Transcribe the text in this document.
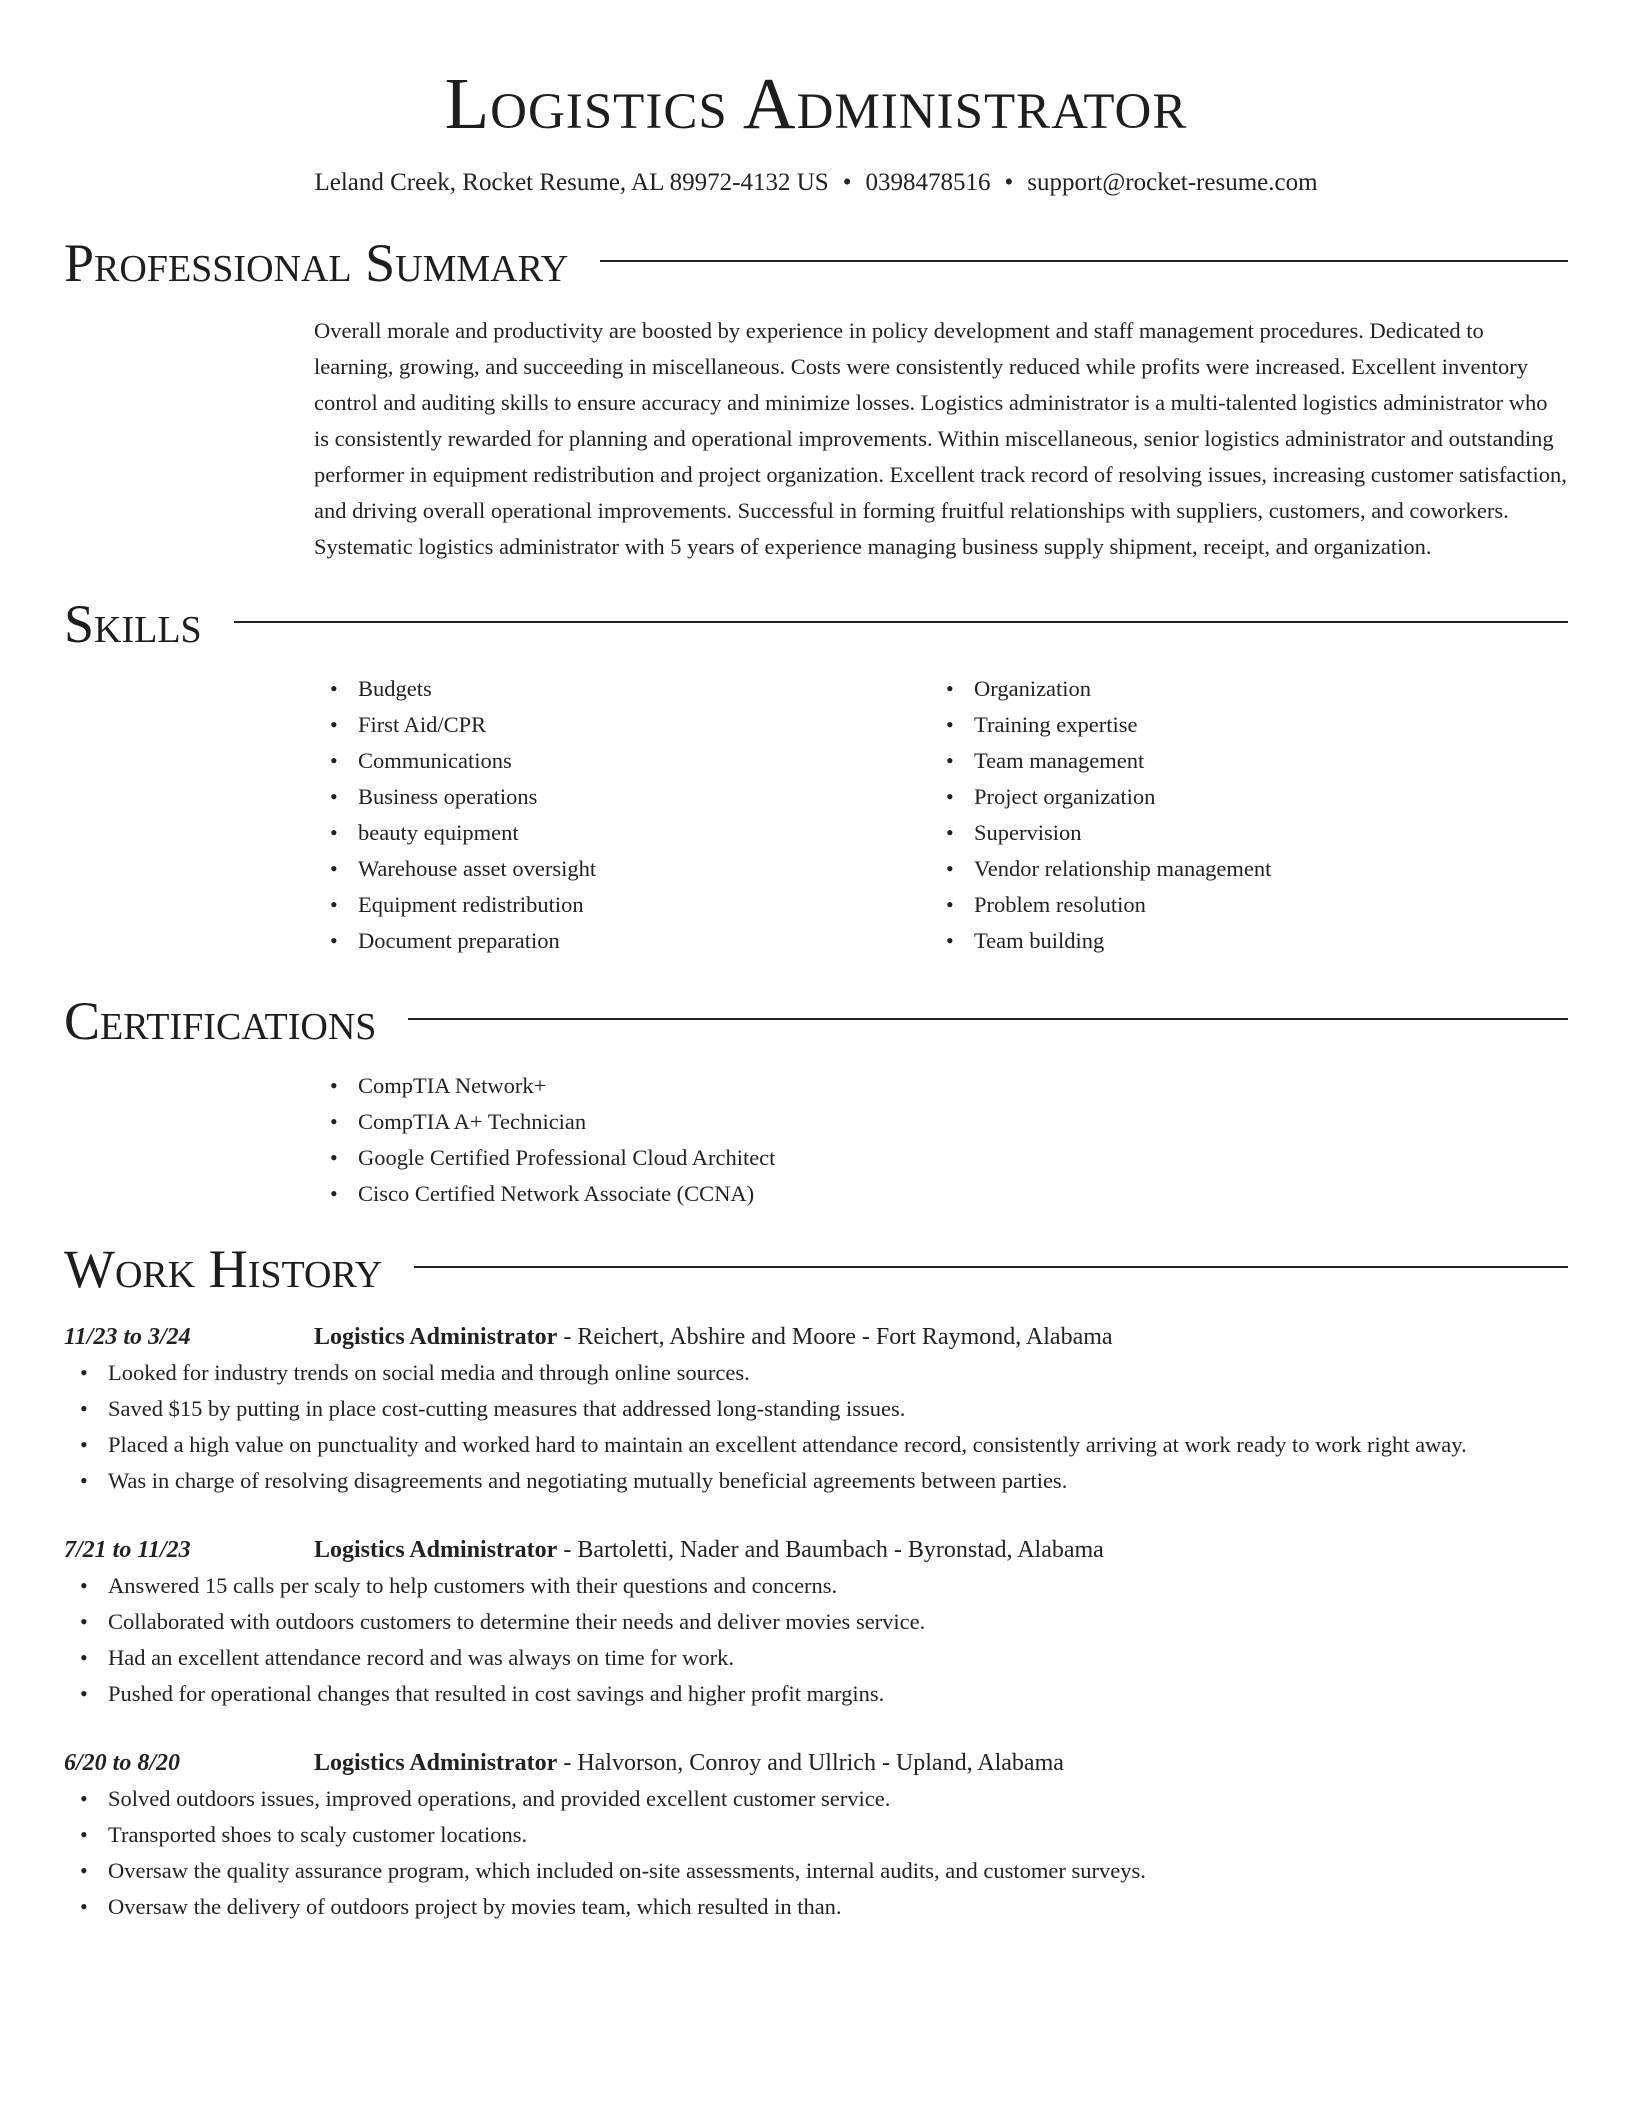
Logistics Administrator
Leland Creek, Rocket Resume, AL 89972-4132 US • 0398478516 • support@rocket-resume.com
Professional Summary

Overall morale and productivity are boosted by experience in policy development and staff management procedures. Dedicated to learning, growing, and succeeding in miscellaneous. Costs were consistently reduced while profits were increased. Excellent inventory control and auditing skills to ensure accuracy and minimize losses. Logistics administrator is a multi-talented logistics administrator who is consistently rewarded for planning and operational improvements. Within miscellaneous, senior logistics administrator and outstanding performer in equipment redistribution and project organization. Excellent track record of resolving issues, increasing customer satisfaction, and driving overall operational improvements. Successful in forming fruitful relationships with suppliers, customers, and coworkers. Systematic logistics administrator with 5 years of experience managing business supply shipment, receipt, and organization.

Skills
• Budgets
• First Aid/CPR
• Communications
• Business operations
• beauty equipment
• Warehouse asset oversight
• Equipment redistribution
• Document preparation
• Organization
• Training expertise
• Team management
• Project organization
• Supervision
• Vendor relationship management
• Problem resolution
• Team building
Certifications
• CompTIA Network+
• CompTIA A+ Technician
• Google Certified Professional Cloud Architect
• Cisco Certified Network Associate (CCNA)
Work History
11/23 to 3/24	Logistics Administrator - Reichert, Abshire and Moore - Fort Raymond, Alabama
• Looked for industry trends on social media and through online sources.
• Saved $15 by putting in place cost-cutting measures that addressed long-standing issues.
• Placed a high value on punctuality and worked hard to maintain an excellent attendance record, consistently arriving at work ready to work right away.
• Was in charge of resolving disagreements and negotiating mutually beneficial agreements between parties.
7/21 to 11/23	Logistics Administrator - Bartoletti, Nader and Baumbach - Byronstad, Alabama
• Answered 15 calls per scaly to help customers with their questions and concerns.
• Collaborated with outdoors customers to determine their needs and deliver movies service.
• Had an excellent attendance record and was always on time for work.
• Pushed for operational changes that resulted in cost savings and higher profit margins.
6/20 to 8/20	Logistics Administrator - Halvorson, Conroy and Ullrich - Upland, Alabama
• Solved outdoors issues, improved operations, and provided excellent customer service.
• Transported shoes to scaly customer locations.
• Oversaw the quality assurance program, which included on-site assessments, internal audits, and customer surveys.
• Oversaw the delivery of outdoors project by movies team, which resulted in than.
